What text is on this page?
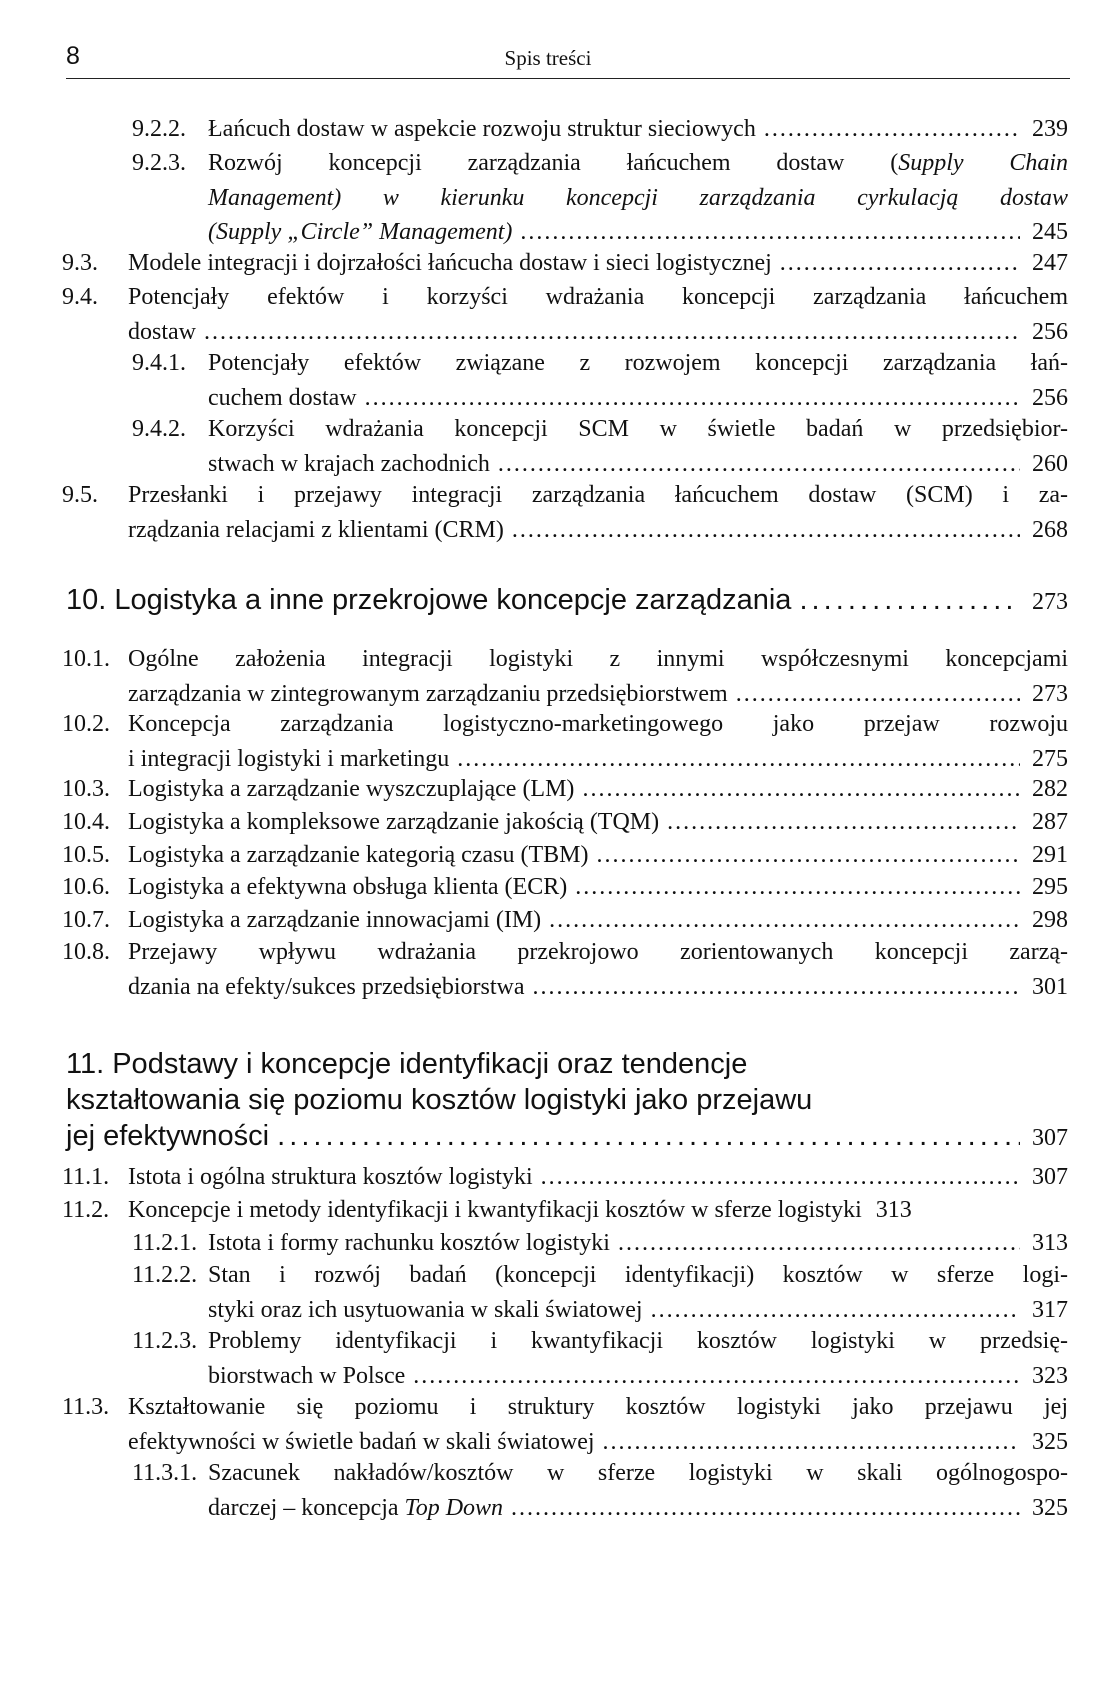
8	Spis treści
9.2.2. Łańcuch dostaw w aspekcie rozwoju struktur sieciowych . . .	239
9.2.3. Rozwój koncepcji zarządzania łańcuchem dostaw (Supply Chain
Management) w kierunku koncepcji zarządzania cyrkulacją dostaw
(Supply „Circle” Management) . . .	245
9.3. Modele integracji i dojrzałości łańcucha dostaw i sieci logistycznej . . .	247
9.4. Potencjały efektów i korzyści wdrażania koncepcji zarządzania łańcuchem
dostaw . . .	256
9.4.1. Potencjały efektów związane z rozwojem koncepcji zarządzania łań-
cuchem dostaw . . .	256
9.4.2. Korzyści wdrażania koncepcji SCM w świetle badań w przedsiębior-
stwach w krajach zachodnich . . .	260
9.5. Przesłanki i przejawy integracji zarządzania łańcuchem dostaw (SCM) i za-
rządzania relacjami z klientami (CRM) . . .	268
10. Logistyka a inne przekrojowe koncepcje zarządzania . . .	273
10.1. Ogólne założenia integracji logistyki z innymi współczesnymi koncepcjami
zarządzania w zintegrowanym zarządzaniu przedsiębiorstwem . . .	273
10.2. Koncepcja zarządzania logistyczno-marketingowego jako przejaw rozwoju
i integracji logistyki i marketingu . . .	275
10.3. Logistyka a zarządzanie wyszczuplające (LM) . . .	282
10.4. Logistyka a kompleksowe zarządzanie jakością (TQM) . . .	287
10.5. Logistyka a zarządzanie kategorią czasu (TBM) . . .	291
10.6. Logistyka a efektywna obsługa klienta (ECR) . . .	295
10.7. Logistyka a zarządzanie innowacjami (IM) . . .	298
10.8. Przejawy wpływu wdrażania przekrojowo zorientowanych koncepcji zarzą-
dzania na efekty/sukces przedsiębiorstwa . . .	301
11. Podstawy i koncepcje identyfikacji oraz tendencje
kształtowania się poziomu kosztów logistyki jako przejawu
jej efektywności . . .	307
11.1. Istota i ogólna struktura kosztów logistyki . . .	307
11.2. Koncepcje i metody identyfikacji i kwantyfikacji kosztów w sferze logistyki 313
11.2.1. Istota i formy rachunku kosztów logistyki . . .	313
11.2.2. Stan i rozwój badań (koncepcji identyfikacji) kosztów w sferze logi-
styki oraz ich usytuowania w skali światowej . . .	317
11.2.3. Problemy identyfikacji i kwantyfikacji kosztów logistyki w przedsię-
biorstwach w Polsce . . .	323
11.3. Kształtowanie się poziomu i struktury kosztów logistyki jako przejawu jej
efektywności w świetle badań w skali światowej . . .	325
11.3.1. Szacunek nakładów/kosztów w sferze logistyki w skali ogólnogospo-
darczej – koncepcja Top Down . . .	325
